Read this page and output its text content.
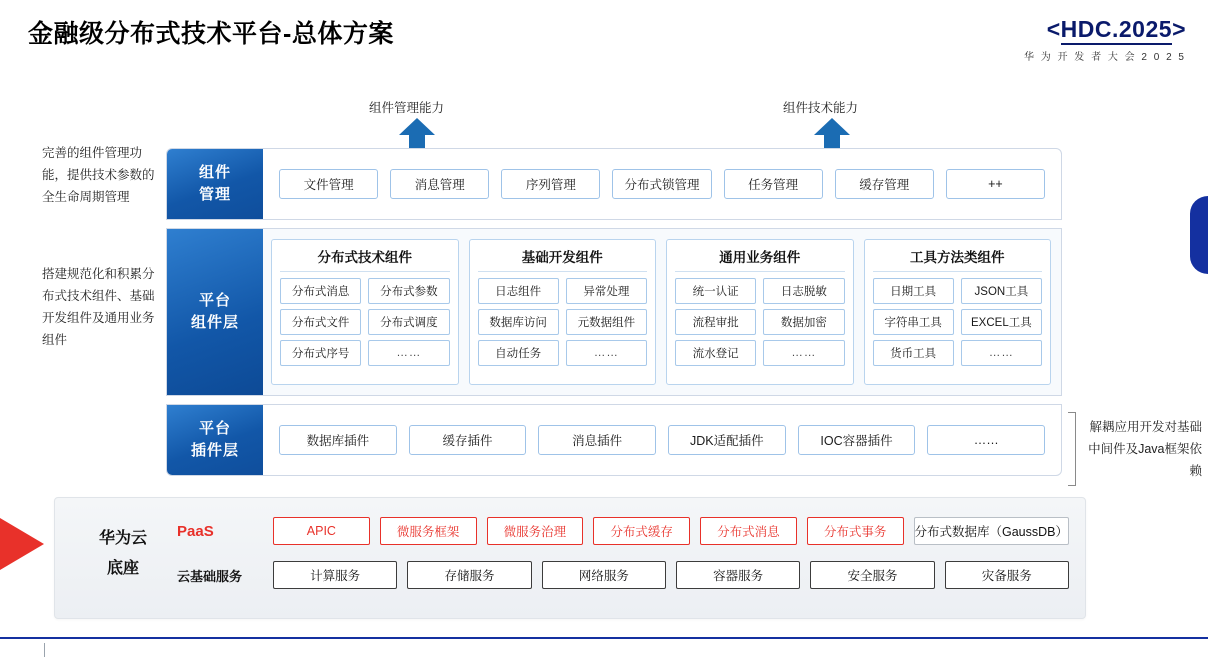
金融级分布式技术平台-总体方案	<HDC.2025>
华 为 开 发 者 大 会 2 0 2 5
组件管理能力	组件技术能力
完善的组件管理功能，提供技术参数的全生命周期管理
搭建规范化和积累分布式技术组件、基础开发组件及通用业务组件
解耦应用开发对基础中间件及Java框架依赖
组件
管理
文件管理	消息管理	序列管理	分布式锁管理	任务管理	缓存管理	++
平台
组件层
分布式技术组件
分布式消息	分布式参数
分布式文件	分布式调度
分布式序号	……
基础开发组件
日志组件	异常处理
数据库访问	元数据组件
自动任务	……
通用业务组件
统一认证	日志脱敏
流程审批	数据加密
流水登记	……
工具方法类组件
日期工具	JSON工具
字符串工具	EXCEL工具
货币工具	……
平台
插件层
数据库插件	缓存插件	消息插件	JDK适配插件	IOC容器插件	……
华为云
底座
PaaS	APIC	微服务框架	微服务治理	分布式缓存	分布式消息	分布式事务	分布式数据库（GaussDB）
云基础服务	计算服务	存储服务	网络服务	容器服务	安全服务	灾备服务
